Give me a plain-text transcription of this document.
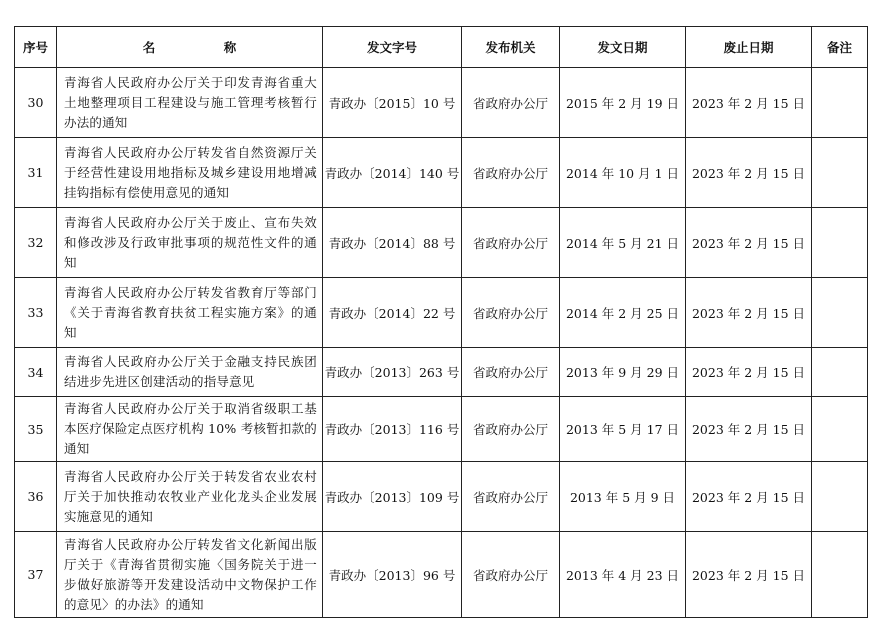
序号	名　称	发文字号	发布机关	发文日期	废止日期	备注
30	青海省人民政府办公厅关于印发青海省重大土地整理项目工程建设与施工管理考核暂行办法的通知	青政办〔2015〕10 号	省政府办公厅	2015 年 2 月 19 日	2023 年 2 月 15 日	
31	青海省人民政府办公厅转发省自然资源厅关于经营性建设用地指标及城乡建设用地增减挂钩指标有偿使用意见的通知	青政办〔2014〕140 号	省政府办公厅	2014 年 10 月 1 日	2023 年 2 月 15 日	
32	青海省人民政府办公厅关于废止、宣布失效和修改涉及行政审批事项的规范性文件的通知	青政办〔2014〕88 号	省政府办公厅	2014 年 5 月 21 日	2023 年 2 月 15 日	
33	青海省人民政府办公厅转发省教育厅等部门《关于青海省教育扶贫工程实施方案》的通知	青政办〔2014〕22 号	省政府办公厅	2014 年 2 月 25 日	2023 年 2 月 15 日	
34	青海省人民政府办公厅关于金融支持民族团结进步先进区创建活动的指导意见	青政办〔2013〕263 号	省政府办公厅	2013 年 9 月 29 日	2023 年 2 月 15 日	
35	青海省人民政府办公厅关于取消省级职工基本医疗保险定点医疗机构 10% 考核暂扣款的通知	青政办〔2013〕116 号	省政府办公厅	2013 年 5 月 17 日	2023 年 2 月 15 日	
36	青海省人民政府办公厅关于转发省农业农村厅关于加快推动农牧业产业化龙头企业发展实施意见的通知	青政办〔2013〕109 号	省政府办公厅	2013 年 5 月 9 日	2023 年 2 月 15 日	
37	青海省人民政府办公厅转发省文化新闻出版厅关于《青海省贯彻实施〈国务院关于进一步做好旅游等开发建设活动中文物保护工作的意见〉的办法》的通知	青政办〔2013〕96 号	省政府办公厅	2013 年 4 月 23 日	2023 年 2 月 15 日	
